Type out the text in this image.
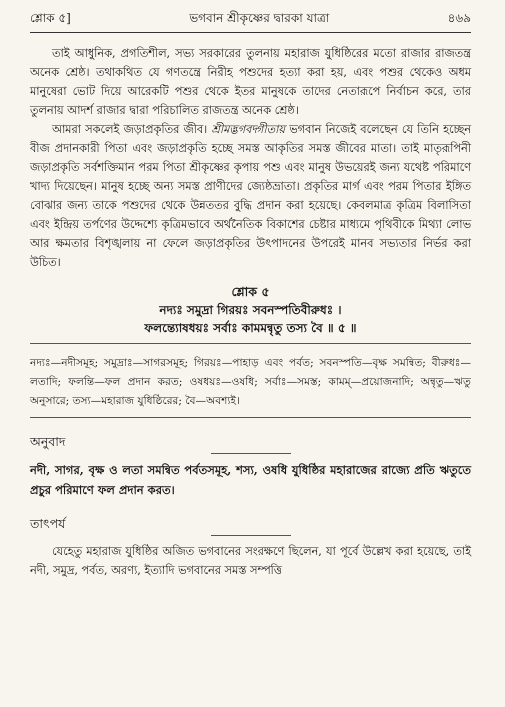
শ্লোক ৫]	ভগবান শ্রীকৃষ্ণের দ্বারকা যাত্রা	৪৬৯

তাই আধুনিক, প্রগতিশীল, সভ্য সরকারের তুলনায় মহারাজ যুধিষ্ঠিরের মতো রাজার রাজতন্ত্র অনেক শ্রেষ্ঠ। তথাকথিত যে গণতন্ত্রে নিরীহ পশুদের হত্যা করা হয়, এবং পশুর থেকেও অধম মানুষেরা ভোট দিয়ে আরেকটি পশুর থেকে ইতর মানুষকে তাদের নেতারূপে নির্বাচন করে, তার তুলনায় আদর্শ রাজার দ্বারা পরিচালিত রাজতন্ত্র অনেক শ্রেষ্ঠ।

আমরা সকলেই জড়াপ্রকৃতির জীব। শ্রীমদ্ভগবদ্গীতায় ভগবান নিজেই বলেছেন যে তিনি হচ্ছেন বীজ প্রদানকারী পিতা এবং জড়াপ্রকৃতি হচ্ছে সমস্ত আকৃতির সমস্ত জীবের মাতা। তাই মাতৃরূপিনী জড়াপ্রকৃতি সর্বশক্তিমান পরম পিতা শ্রীকৃষ্ণের কৃপায় পশু এবং মানুষ উভয়েরই জন্য যথেষ্ট পরিমাণে খাদ্য দিয়েছেন। মানুষ হচ্ছে অন্য সমস্ত প্রাণীদের জ্যেষ্ঠভ্রাতা। প্রকৃতির মার্গ এবং পরম পিতার ইঙ্গিত বোঝার জন্য তাকে পশুদের থেকে উন্নততর বুদ্ধি প্রদান করা হয়েছে। কেবলমাত্র কৃত্রিম বিলাসিতা এবং ইন্দ্রিয় তর্পণের উদ্দেশ্যে কৃত্রিমভাবে অর্থনৈতিক বিকাশের চেষ্টার মাধ্যমে পৃথিবীকে মিথ্যা লোভ আর ক্ষমতার বিশৃঙ্খলায় না ফেলে জড়াপ্রকৃতির উৎপাদনের উপরেই মানব সভ্যতার নির্ভর করা উচিত।

শ্লোক ৫

নদ্যঃ সমুদ্রা গিরয়ঃ সবনস্পতিবীরুধঃ ।

ফলন্ত্যোষধয়ঃ সর্বাঃ কামমন্বৃতু তস্য বৈ ॥ ৫ ॥

নদ্যঃ—নদীসমূহ; সমুদ্রাঃ—সাগরসমূহ; গিরয়ঃ—পাহাড় এবং পর্বত; সবনস্পতি—বৃক্ষ সমন্বিত; বীরুধঃ—লতাদি; ফলন্তি—ফল প্রদান করত; ওষধয়ঃ—ওষধি; সর্বাঃ—সমস্ত; কামম্—প্রয়োজনাদি; অন্বৃতু—ঋতু অনুসারে; তস্য—মহারাজ যুধিষ্ঠিরের; বৈ—অবশ্যই।

অনুবাদ

নদী, সাগর, বৃক্ষ ও লতা সমন্বিত পর্বতসমূহ, শস্য, ওষধি যুধিষ্ঠির মহারাজের রাজ্যে প্রতি ঋতুতে প্রচুর পরিমাণে ফল প্রদান করত।

তাৎপর্য

যেহেতু মহারাজ যুধিষ্ঠির অজিত ভগবানের সংরক্ষণে ছিলেন, যা পূর্বে উল্লেখ করা হয়েছে, তাই নদী, সমুদ্র, পর্বত, অরণ্য, ইত্যাদি ভগবানের সমস্ত সম্পত্তি
